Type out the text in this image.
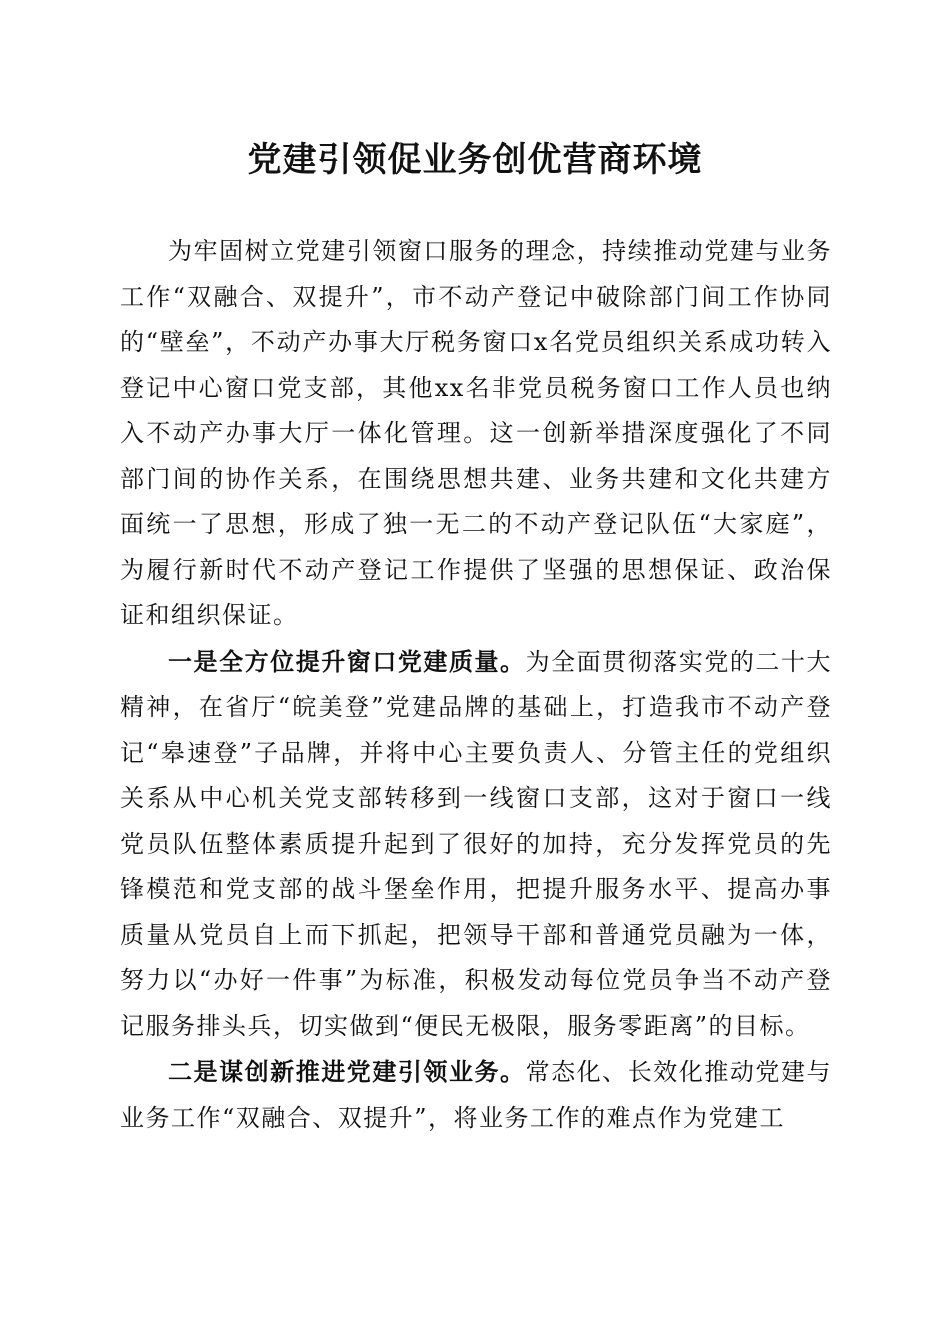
党建引领促业务创优营商环境

为牢固树立党建引领窗口服务的理念，持续推动党建与业务工作“双融合、双提升”，市不动产登记中破除部门间工作协同的“壁垒”，不动产办事大厅税务窗口x名党员组织关系成功转入登记中心窗口党支部，其他xx名非党员税务窗口工作人员也纳入不动产办事大厅一体化管理。这一创新举措深度强化了不同部门间的协作关系，在围绕思想共建、业务共建和文化共建方面统一了思想，形成了独一无二的不动产登记队伍“大家庭”，为履行新时代不动产登记工作提供了坚强的思想保证、政治保证和组织保证。

一是全方位提升窗口党建质量。为全面贯彻落实党的二十大精神，在省厅“皖美登”党建品牌的基础上，打造我市不动产登记“皋速登”子品牌，并将中心主要负责人、分管主任的党组织关系从中心机关党支部转移到一线窗口支部，这对于窗口一线党员队伍整体素质提升起到了很好的加持，充分发挥党员的先锋模范和党支部的战斗堡垒作用，把提升服务水平、提高办事质量从党员自上而下抓起，把领导干部和普通党员融为一体，努力以“办好一件事”为标准，积极发动每位党员争当不动产登记服务排头兵，切实做到“便民无极限，服务零距离”的目标。

二是谋创新推进党建引领业务。常态化、长效化推动党建与业务工作“双融合、双提升”，将业务工作的难点作为党建工
